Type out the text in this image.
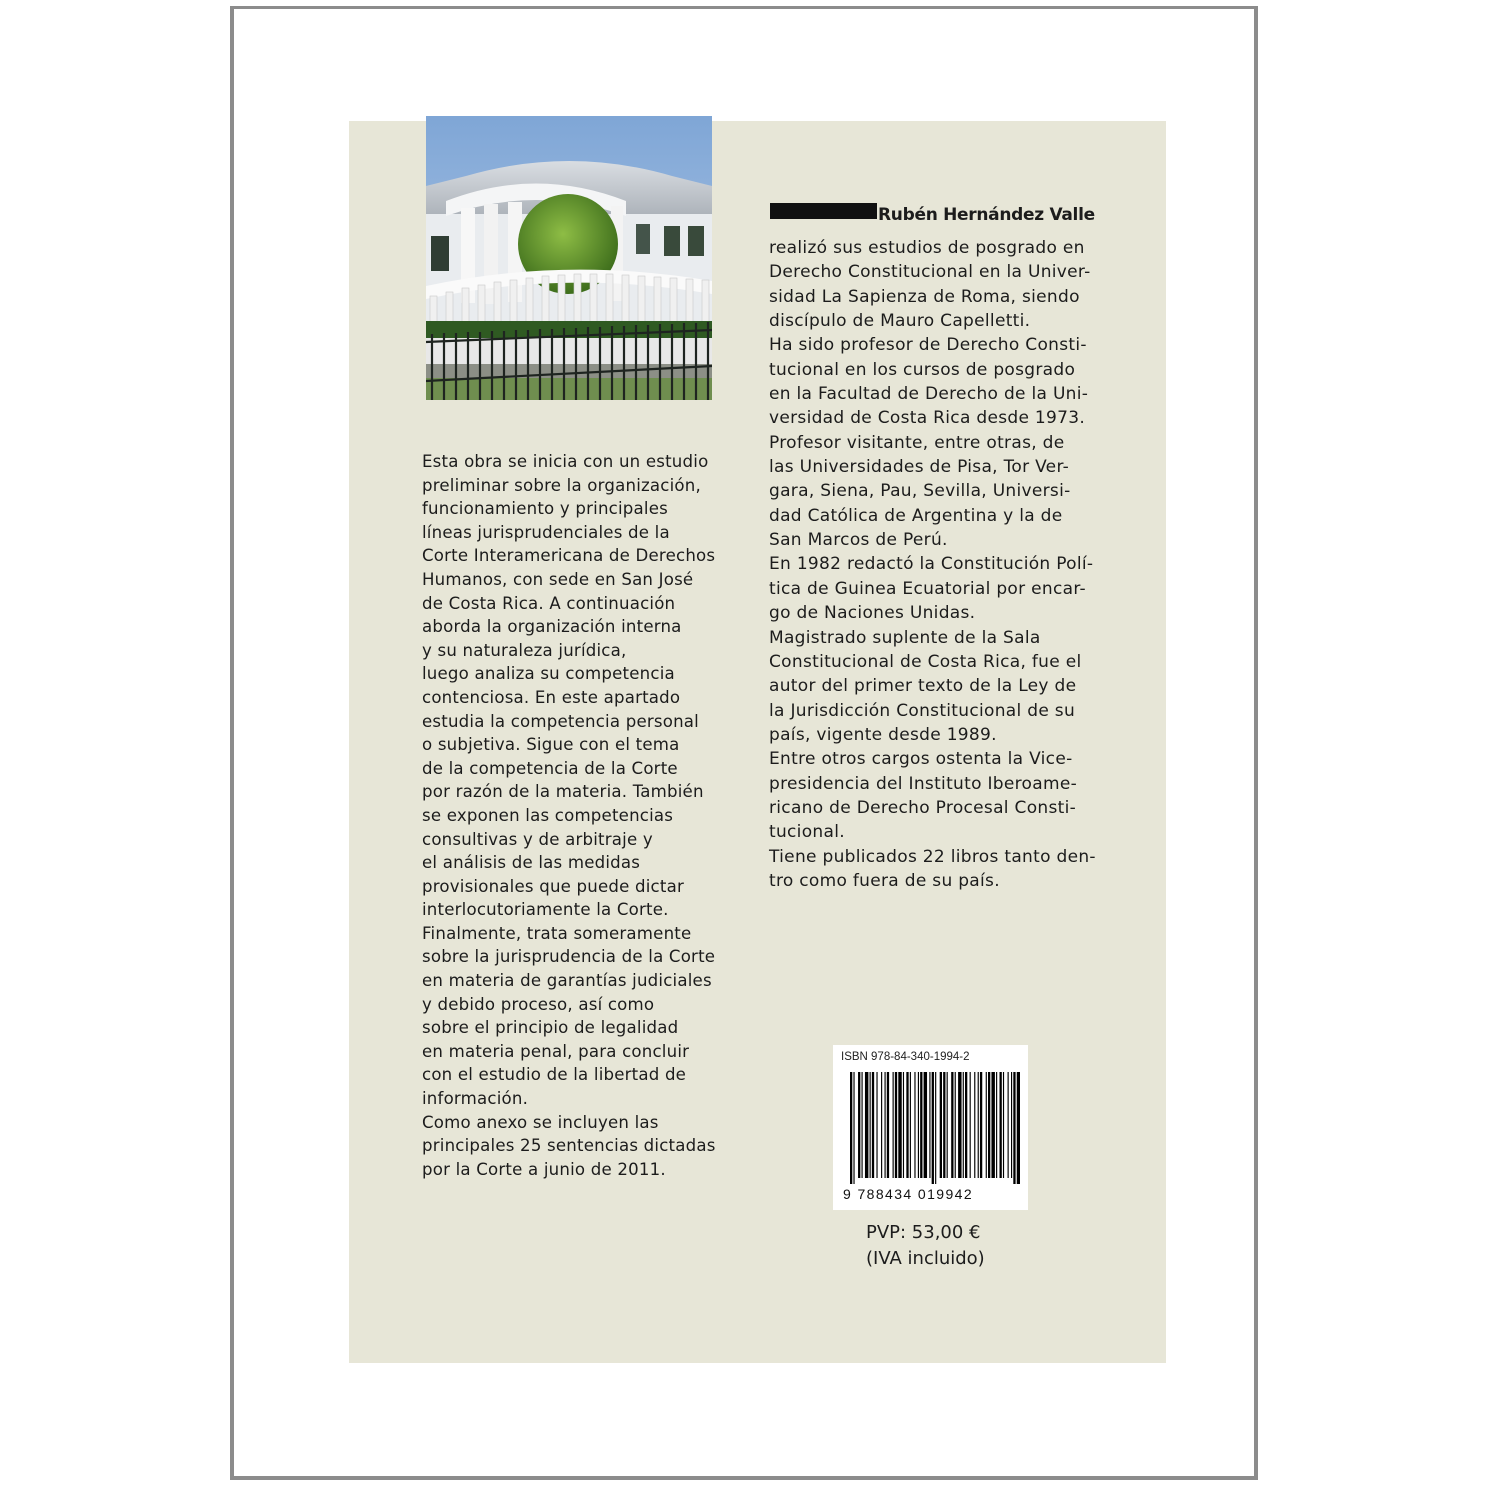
Esta obra se inicia con un estudio
preliminar sobre la organización,
funcionamiento y principales
líneas jurisprudenciales de la
Corte Interamericana de Derechos
Humanos, con sede en San José
de Costa Rica. A continuación
aborda la organización interna
y su naturaleza jurídica,
luego analiza su competencia
contenciosa. En este apartado
estudia la competencia personal
o subjetiva. Sigue con el tema
de la competencia de la Corte
por razón de la materia. También
se exponen las competencias
consultivas y de arbitraje y
el análisis de las medidas
provisionales que puede dictar
interlocutoriamente la Corte.
Finalmente, trata someramente
sobre la jurisprudencia de la Corte
en materia de garantías judiciales
y debido proceso, así como
sobre el principio de legalidad
en materia penal, para concluir
con el estudio de la libertad de
información.
Como anexo se incluyen las
principales 25 sentencias dictadas
por la Corte a junio de 2011.

Rubén Hernández Valle

realizó sus estudios de posgrado en
Derecho Constitucional en la Univer-
sidad La Sapienza de Roma, siendo
discípulo de Mauro Capelletti.
Ha sido profesor de Derecho Consti-
tucional en los cursos de posgrado
en la Facultad de Derecho de la Uni-
versidad de Costa Rica desde 1973.
Profesor visitante, entre otras, de
las Universidades de Pisa, Tor Ver-
gara, Siena, Pau, Sevilla, Universi-
dad Católica de Argentina y la de
San Marcos de Perú.
En 1982 redactó la Constitución Polí-
tica de Guinea Ecuatorial por encar-
go de Naciones Unidas.
Magistrado suplente de la Sala
Constitucional de Costa Rica, fue el
autor del primer texto de la Ley de
la Jurisdicción Constitucional de su
país, vigente desde 1989.
Entre otros cargos ostenta la Vice-
presidencia del Instituto Iberoame-
ricano de Derecho Procesal Consti-
tucional.
Tiene publicados 22 libros tanto den-
tro como fuera de su país.

ISBN 978-84-340-1994-2
9 788434 019942
PVP: 53,00 €
(IVA incluido)
